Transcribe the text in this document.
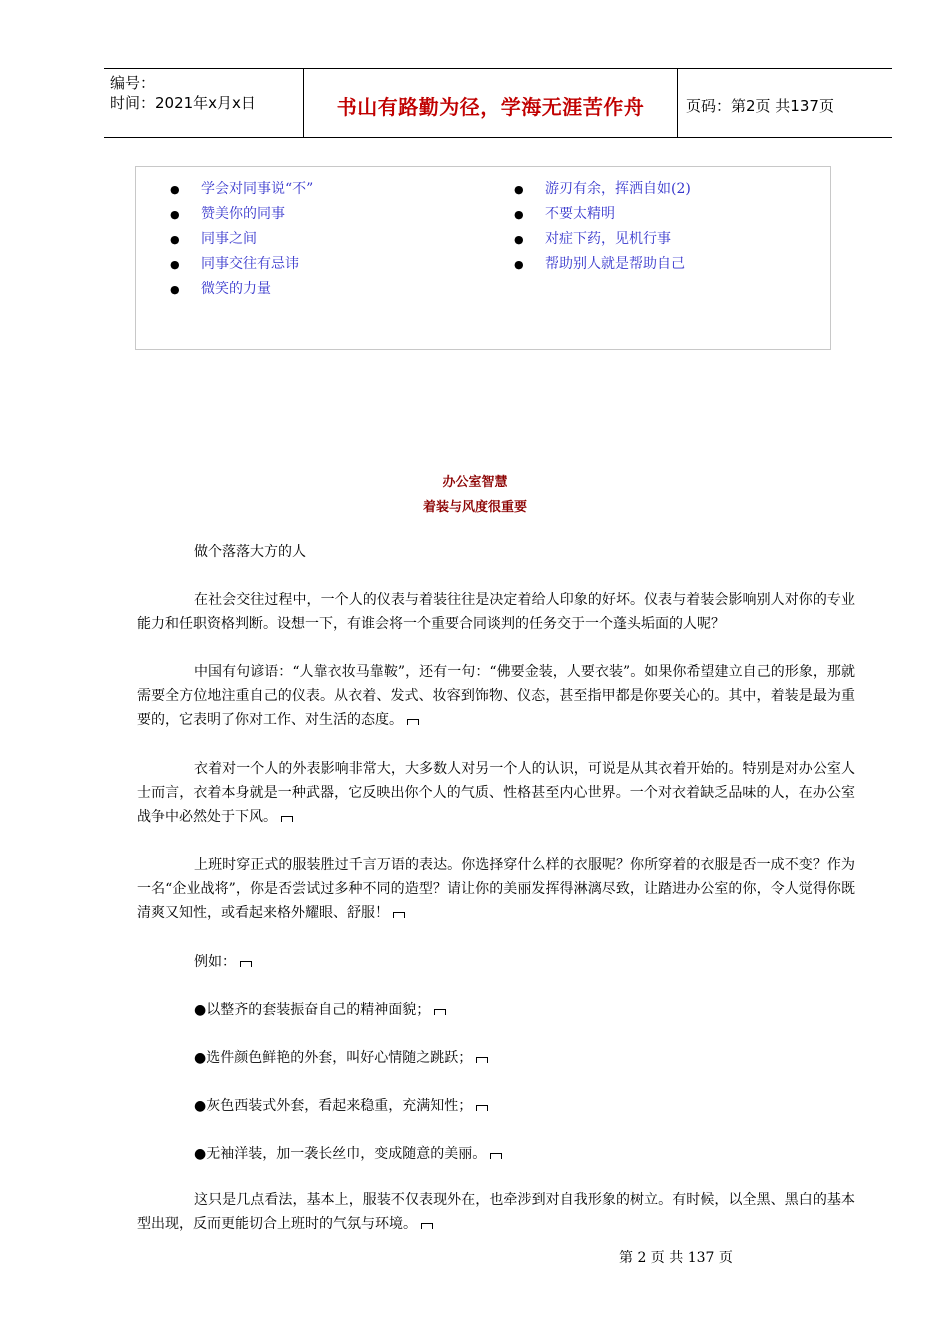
编号：
时间：2021年x月x日	书山有路勤为径，学海无涯苦作舟	页码：第2页 共137页
● 学会对同事说“不”
● 赞美你的同事
● 同事之间
● 同事交往有忌讳
● 微笑的力量
● 游刃有余，挥洒自如(2)
● 不要太精明
● 对症下药，见机行事
● 帮助别人就是帮助自己
办公室智慧
着装与风度很重要

做个落落大方的人

在社会交往过程中，一个人的仪表与着装往往是决定着给人印象的好坏。仪表与着装会影响别人对你的专业能力和任职资格判断。设想一下，有谁会将一个重要合同谈判的任务交于一个蓬头垢面的人呢？

中国有句谚语：“人靠衣妆马靠鞍”，还有一句：“佛要金装，人要衣装”。如果你希望建立自己的形象，那就需要全方位地注重自己的仪表。从衣着、发式、妆容到饰物、仪态，甚至指甲都是你要关心的。其中，着装是最为重要的，它表明了你对工作、对生活的态度。

衣着对一个人的外表影响非常大，大多数人对另一个人的认识，可说是从其衣着开始的。特别是对办公室人士而言，衣着本身就是一种武器，它反映出你个人的气质、性格甚至内心世界。一个对衣着缺乏品味的人，在办公室战争中必然处于下风。

上班时穿正式的服装胜过千言万语的表达。你选择穿什么样的衣服呢？你所穿着的衣服是否一成不变？作为一名“企业战将”，你是否尝试过多种不同的造型？请让你的美丽发挥得淋漓尽致，让踏进办公室的你，令人觉得你既清爽又知性，或看起来格外耀眼、舒服！

例如：

●以整齐的套装振奋自己的精神面貌；

●选件颜色鲜艳的外套，叫好心情随之跳跃；

●灰色西装式外套，看起来稳重，充满知性；

●无袖洋装，加一袭长丝巾，变成随意的美丽。

这只是几点看法，基本上，服装不仅表现外在，也牵涉到对自我形象的树立。有时候，以全黑、黑白的基本型出现，反而更能切合上班时的气氛与环境。

第 2 页 共 137 页
